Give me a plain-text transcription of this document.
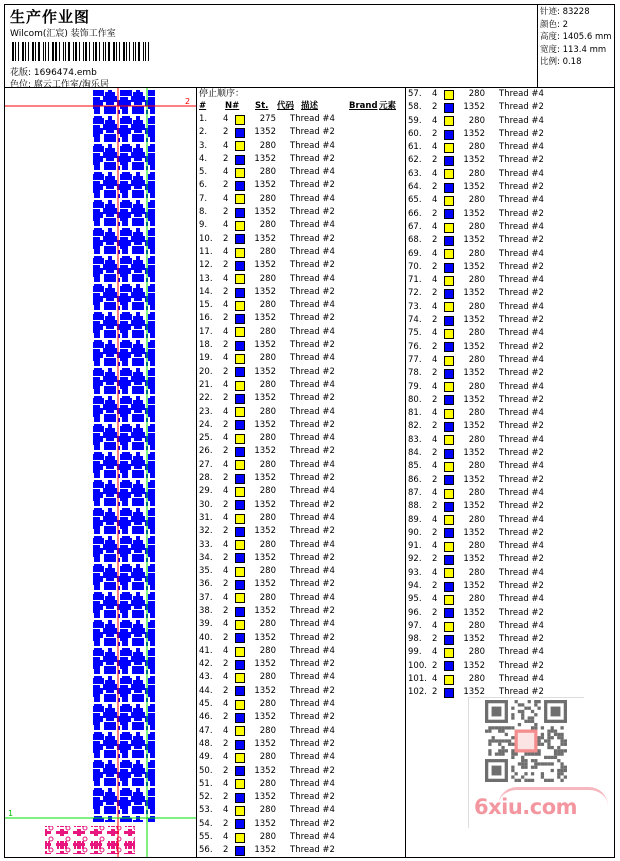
生产作业图
Wilcom(汇宸) 装饰工作室
花版: 1696474.emb
色位: 腐云工作室/淘乐居
针迹: 83228
颜色: 2
高度: 1405.6 mm
宽度: 113.4 mm
比例: 0.18
2
1
停止顺序：
#	N#	St.	代码 描述	Brand 元素
1.	4	275	Thread #4
2.	2	1352	Thread #2
3.	4	280	Thread #4
4.	2	1352	Thread #2
5.	4	280	Thread #4
6.	2	1352	Thread #2
7.	4	280	Thread #4
8.	2	1352	Thread #2
9.	4	280	Thread #4
10.	2	1352	Thread #2
11.	4	280	Thread #4
12.	2	1352	Thread #2
13.	4	280	Thread #4
14.	2	1352	Thread #2
15.	4	280	Thread #4
16.	2	1352	Thread #2
17.	4	280	Thread #4
18.	2	1352	Thread #2
19.	4	280	Thread #4
20.	2	1352	Thread #2
21.	4	280	Thread #4
22.	2	1352	Thread #2
23.	4	280	Thread #4
24.	2	1352	Thread #2
25.	4	280	Thread #4
26.	2	1352	Thread #2
27.	4	280	Thread #4
28.	2	1352	Thread #2
29.	4	280	Thread #4
30.	2	1352	Thread #2
31.	4	280	Thread #4
32.	2	1352	Thread #2
33.	4	280	Thread #4
34.	2	1352	Thread #2
35.	4	280	Thread #4
36.	2	1352	Thread #2
37.	4	280	Thread #4
38.	2	1352	Thread #2
39.	4	280	Thread #4
40.	2	1352	Thread #2
41.	4	280	Thread #4
42.	2	1352	Thread #2
43.	4	280	Thread #4
44.	2	1352	Thread #2
45.	4	280	Thread #4
46.	2	1352	Thread #2
47.	4	280	Thread #4
48.	2	1352	Thread #2
49.	4	280	Thread #4
50.	2	1352	Thread #2
51.	4	280	Thread #4
52.	2	1352	Thread #2
53.	4	280	Thread #4
54.	2	1352	Thread #2
55.	4	280	Thread #4
56.	2	1352	Thread #2
6xiu.com
57.	4	280	Thread #4
58.	2	1352	Thread #2
59.	4	280	Thread #4
60.	2	1352	Thread #2
61.	4	280	Thread #4
62.	2	1352	Thread #2
63.	4	280	Thread #4
64.	2	1352	Thread #2
65.	4	280	Thread #4
66.	2	1352	Thread #2
67.	4	280	Thread #4
68.	2	1352	Thread #2
69.	4	280	Thread #4
70.	2	1352	Thread #2
71.	4	280	Thread #4
72.	2	1352	Thread #2
73.	4	280	Thread #4
74.	2	1352	Thread #2
75.	4	280	Thread #4
76.	2	1352	Thread #2
77.	4	280	Thread #4
78.	2	1352	Thread #2
79.	4	280	Thread #4
80.	2	1352	Thread #2
81.	4	280	Thread #4
82.	2	1352	Thread #2
83.	4	280	Thread #4
84.	2	1352	Thread #2
85.	4	280	Thread #4
86.	2	1352	Thread #2
87.	4	280	Thread #4
88.	2	1352	Thread #2
89.	4	280	Thread #4
90.	2	1352	Thread #2
91.	4	280	Thread #4
92.	2	1352	Thread #2
93.	4	280	Thread #4
94.	2	1352	Thread #2
95.	4	280	Thread #4
96.	2	1352	Thread #2
97.	4	280	Thread #4
98.	2	1352	Thread #2
99.	4	280	Thread #4
100. 2	1352	Thread #2
101. 4	280	Thread #4
102. 2	1352	Thread #2
